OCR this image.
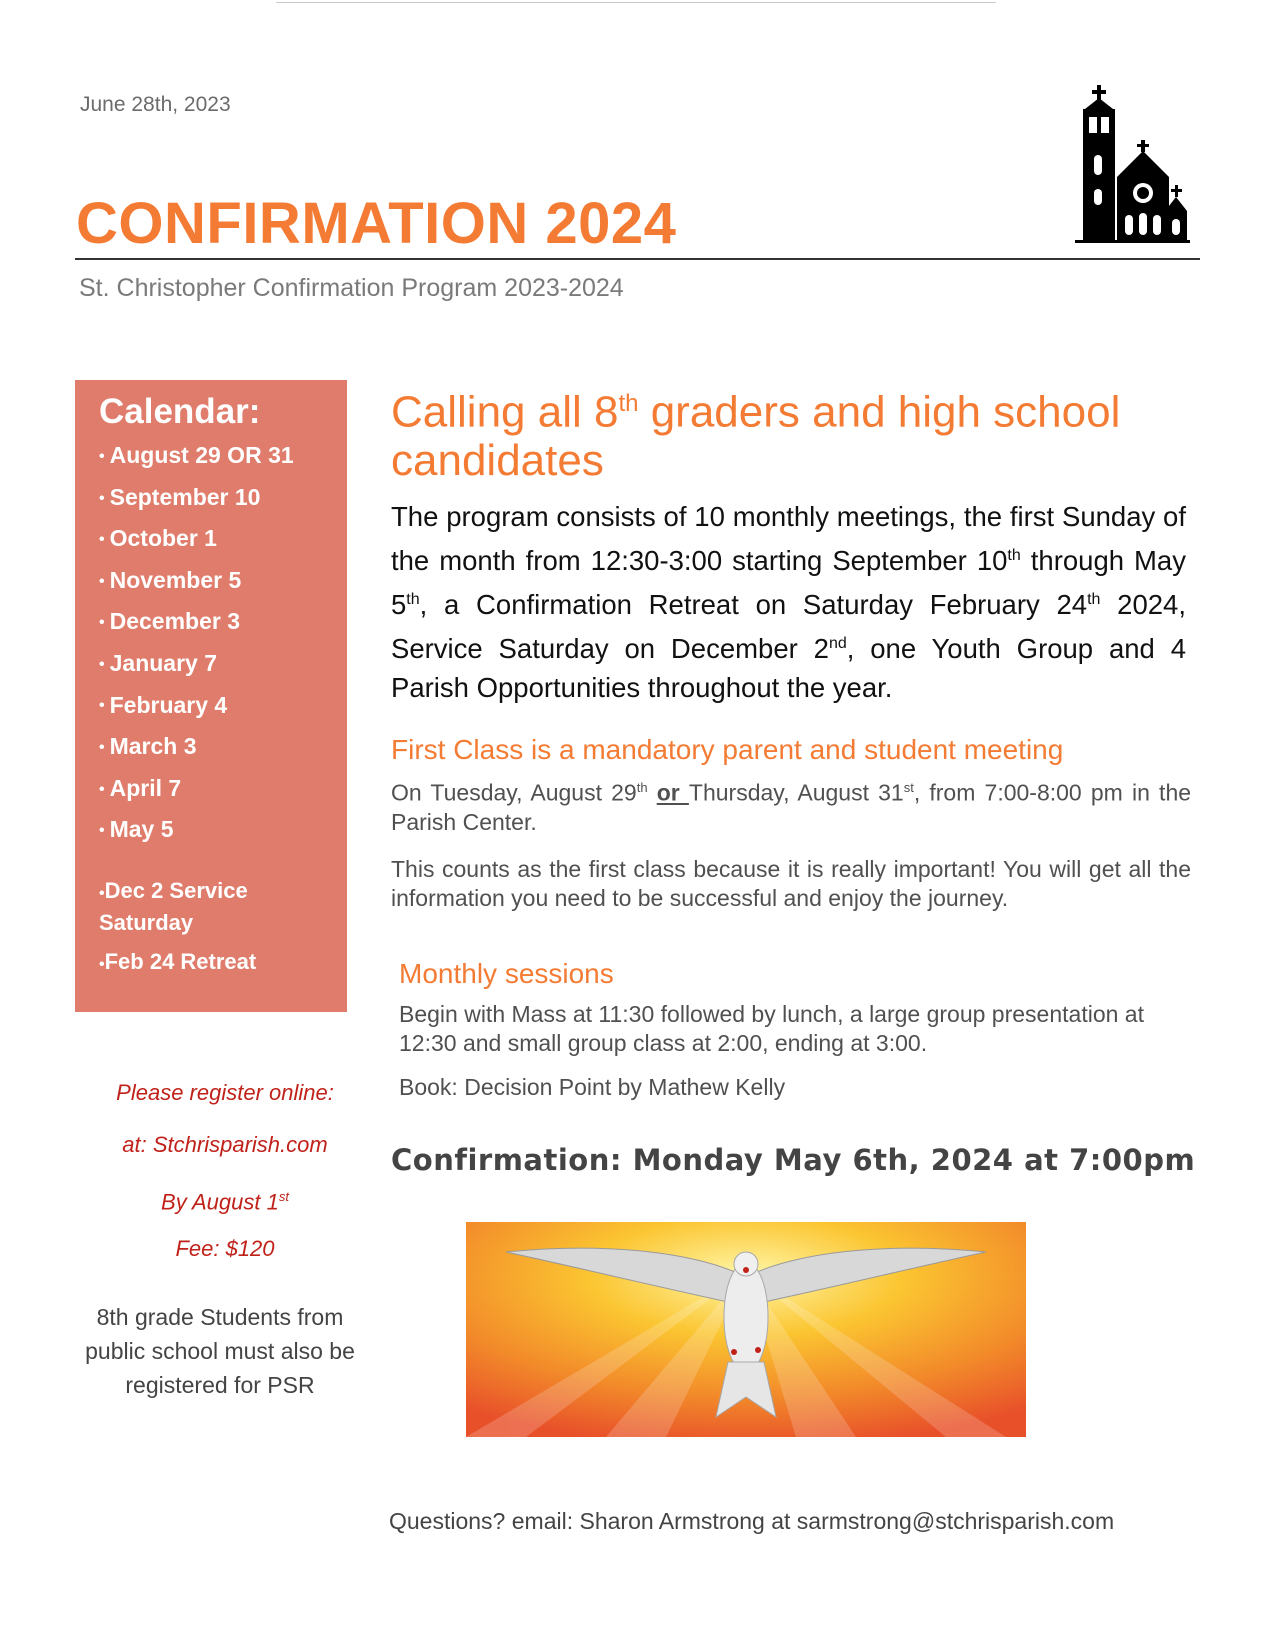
June 28th, 2023
CONFIRMATION 2024
St. Christopher Confirmation Program 2023-2024
Calendar:
• August 29 OR 31
• September 10
• October 1
• November 5
• December 3
• January 7
• February 4
• March 3
• April 7
• May 5
•Dec 2 Service Saturday
•Feb 24 Retreat
Please register online:
at: Stchrisparish.com
By August 1st
Fee: $120
8th grade Students from public school must also be registered for PSR
Calling all 8th graders and high school candidates
The program consists of 10 monthly meetings, the first Sunday of the month from 12:30-3:00 starting September 10th through May 5th, a Confirmation Retreat on Saturday February 24th 2024, Service Saturday on December 2nd, one Youth Group and 4 Parish Opportunities throughout the year.
First Class is a mandatory parent and student meeting
On Tuesday, August 29th or Thursday, August 31st, from 7:00-8:00 pm in the Parish Center.
This counts as the first class because it is really important! You will get all the information you need to be successful and enjoy the journey.
Monthly sessions
Begin with Mass at 11:30 followed by lunch, a large group presentation at 12:30 and small group class at 2:00, ending at 3:00.
Book: Decision Point by Mathew Kelly
Confirmation: Monday May 6th, 2024 at 7:00pm
Questions? email: Sharon Armstrong at sarmstrong@stchrisparish.com
